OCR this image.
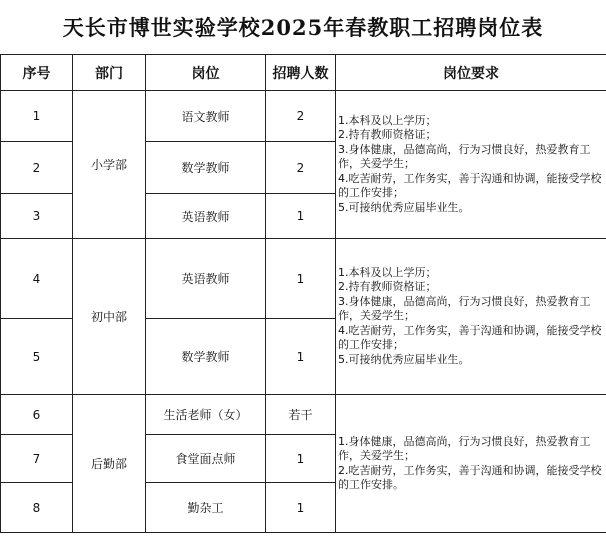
天长市博世实验学校2025年春教职工招聘岗位表
序号	部门	岗位	招聘人数	岗位要求
1	小学部	语文教师	2	1.本科及以上学历；
2.持有教师资格证；
3.身体健康，品德高尚，行为习惯良好，热爱教育工作，关爱学生；
4.吃苦耐劳，工作务实，善于沟通和协调，能接受学校的工作安排；
5.可接纳优秀应届毕业生。

2		数学教师	2	
3		英语教师	1	
4	初中部	英语教师	1	1.本科及以上学历；
2.持有教师资格证；
3.身体健康，品德高尚，行为习惯良好，热爱教育工作，关爱学生；
4.吃苦耐劳，工作务实，善于沟通和协调，能接受学校的工作安排；
5.可接纳优秀应届毕业生。

5		数学教师	1	
6	后勤部	生活老师（女）	若干	1.身体健康，品德高尚，行为习惯良好，热爱教育工作，关爱学生；
2.吃苦耐劳，工作务实，善于沟通和协调，能接受学校的工作安排。

7		食堂面点师	1	
8		勤杂工	1	
